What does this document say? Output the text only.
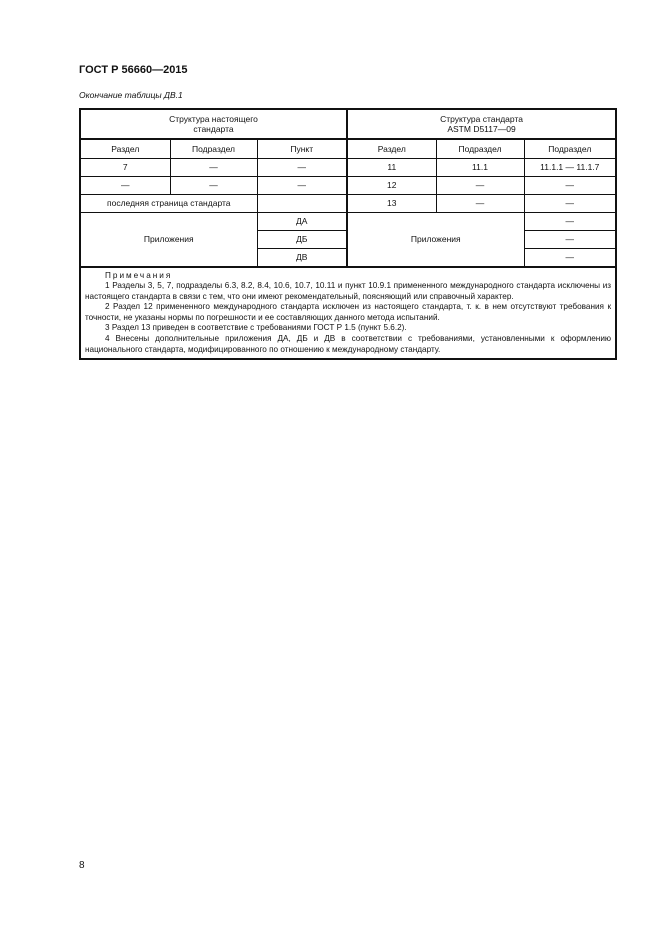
ГОСТ Р 56660—2015
Окончание таблицы ДВ.1
Структура настоящего стандарта			Структура стандарта
ASTM D5117—09		

Раздел	Подраздел	Пункт	Раздел	Подраздел	Подраздел
7	—	—	11	11.1	11.1.1 — 11.1.7
—	—	—	12	—	—
последняя страница стандарта			13	—	—
Приложения		ДА	Приложения		—
		ДБ			—
		ДВ			—

Примечания

1 Разделы 3, 5, 7, подразделы 6.3, 8.2, 8.4, 10.6, 10.7, 10.11 и пункт 10.9.1 примененного международного стандарта исключены из настоящего стандарта в связи с тем, что они имеют рекомендательный, поясняющий или справочный характер.

2 Раздел 12 примененного международного стандарта исключен из настоящего стандарта, т. к. в нем отсутствуют требования к точности, не указаны нормы по погрешности и ее составляющих данного метода испытаний.

3 Раздел 13 приведен в соответствие с требованиями ГОСТ Р 1.5 (пункт 5.6.2).

4 Внесены дополнительные приложения ДА, ДБ и ДВ в соответствии с требованиями, установленными к оформлению национального стандарта, модифицированного по отношению к международному стандарту.					

8
